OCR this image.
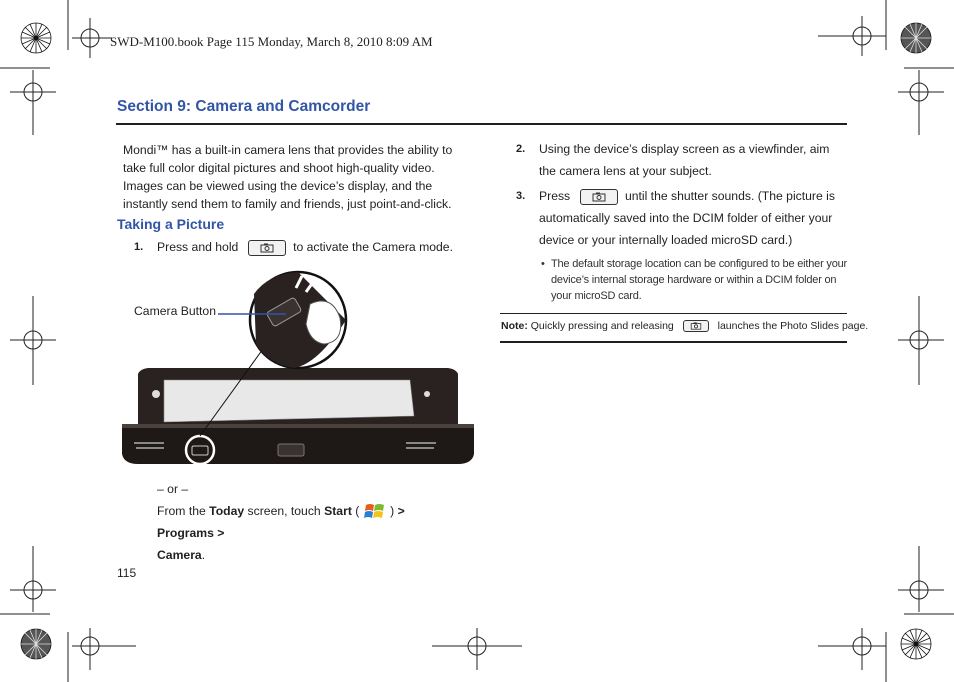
SWD-M100.book Page 115 Monday, March 8, 2010 8:09 AM
Section 9: Camera and Camcorder
Mondi™ has a built-in camera lens that provides the ability to take full color digital pictures and shoot high-quality video. Images can be viewed using the device’s display, and the instantly send them to family and friends, just point-and-click.
Taking a Picture
1. Press and hold	to activate the Camera mode.
Camera Button
– or –
From the Today screen, touch Start (	) > Programs >
Camera.
2. Using the device’s display screen as a viewfinder, aim the camera lens at your subject.
3. Press	until the shutter sounds. (The picture is automatically saved into the DCIM folder of either your device or your internally loaded microSD card.)
• The default storage location can be configured to be either your device’s internal storage hardware or within a DCIM folder on your microSD card.
Note: Quickly pressing and releasing	launches the Photo Slides page.
115
